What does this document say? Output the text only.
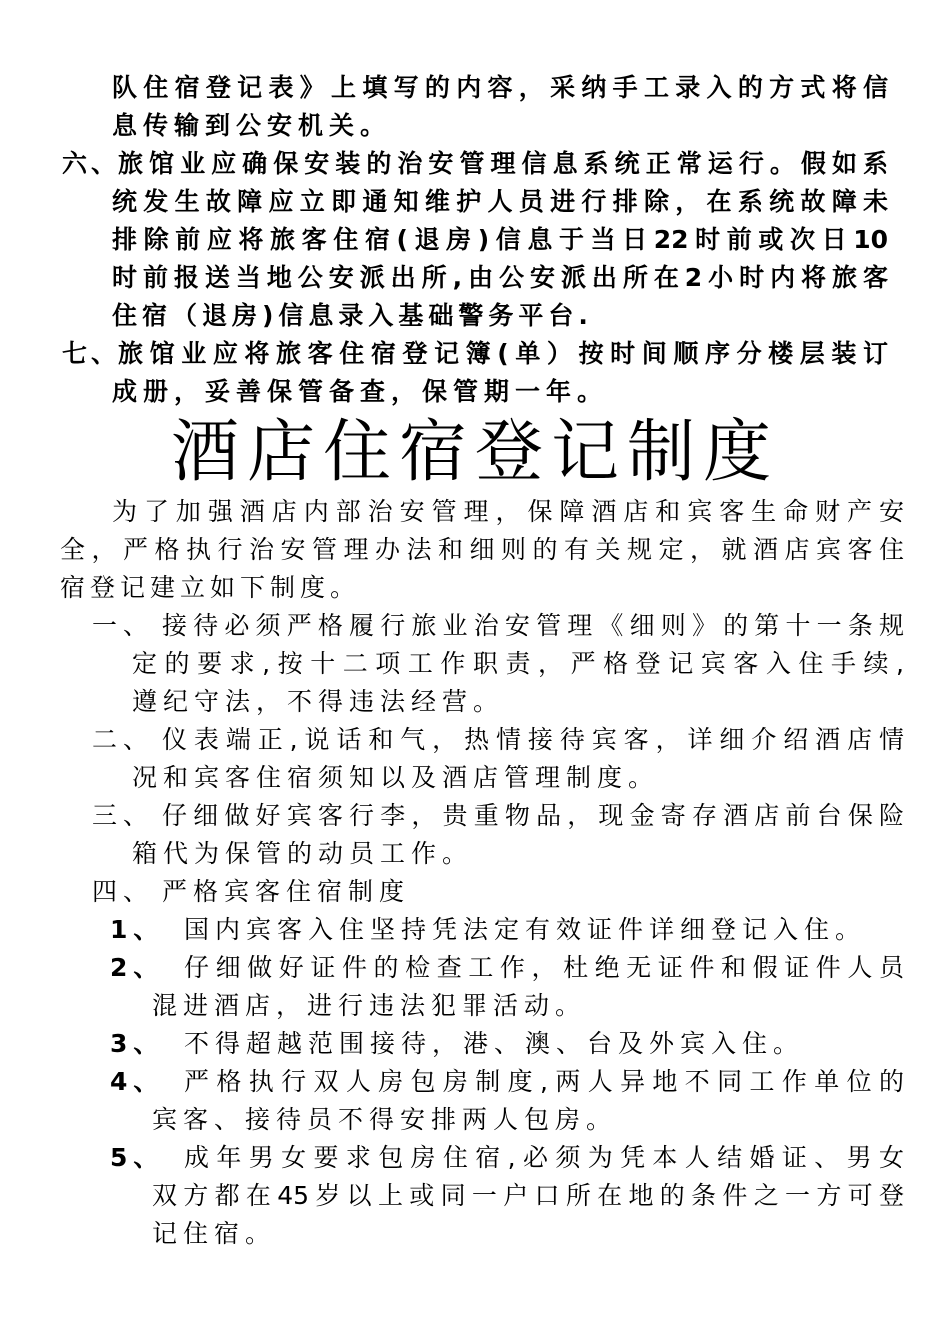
队住宿登记表》上填写的内容，采纳手工录入的方式将信
息传输到公安机关。
六、
旅馆业应确保安装的治安管理信息系统正常运行。假如系
统发生故障应立即通知维护人员进行排除，在系统故障未
排除前应将旅客住宿(退房)信息于当日22时前或次日10
时前报送当地公安派出所,由公安派出所在2小时内将旅客
住宿（退房)信息录入基础警务平台.
七、
旅馆业应将旅客住宿登记簿(单）按时间顺序分楼层装订
成册，妥善保管备查，保管期一年。
酒店住宿登记制度
为了加强酒店内部治安管理，保障酒店和宾客生命财产安
全，严格执行治安管理办法和细则的有关规定，就酒店宾客住
宿登记建立如下制度。
一、 接待必须严格履行旅业治安管理《细则》的第十一条规
定的要求,按十二项工作职责，严格登记宾客入住手续,
遵纪守法，不得违法经营。
二、 仪表端正,说话和气，热情接待宾客，详细介绍酒店情
况和宾客住宿须知以及酒店管理制度。
三、 仔细做好宾客行李，贵重物品，现金寄存酒店前台保险
箱代为保管的动员工作。
四、 严格宾客住宿制度
1、 国内宾客入住坚持凭法定有效证件详细登记入住。
2、 仔细做好证件的检查工作，杜绝无证件和假证件人员
混进酒店，进行违法犯罪活动。
3、 不得超越范围接待，港、澳、台及外宾入住。
4、 严格执行双人房包房制度,两人异地不同工作单位的
宾客、接待员不得安排两人包房。
5、 成年男女要求包房住宿,必须为凭本人结婚证、男女
双方都在45岁以上或同一户口所在地的条件之一方可登
记住宿。
